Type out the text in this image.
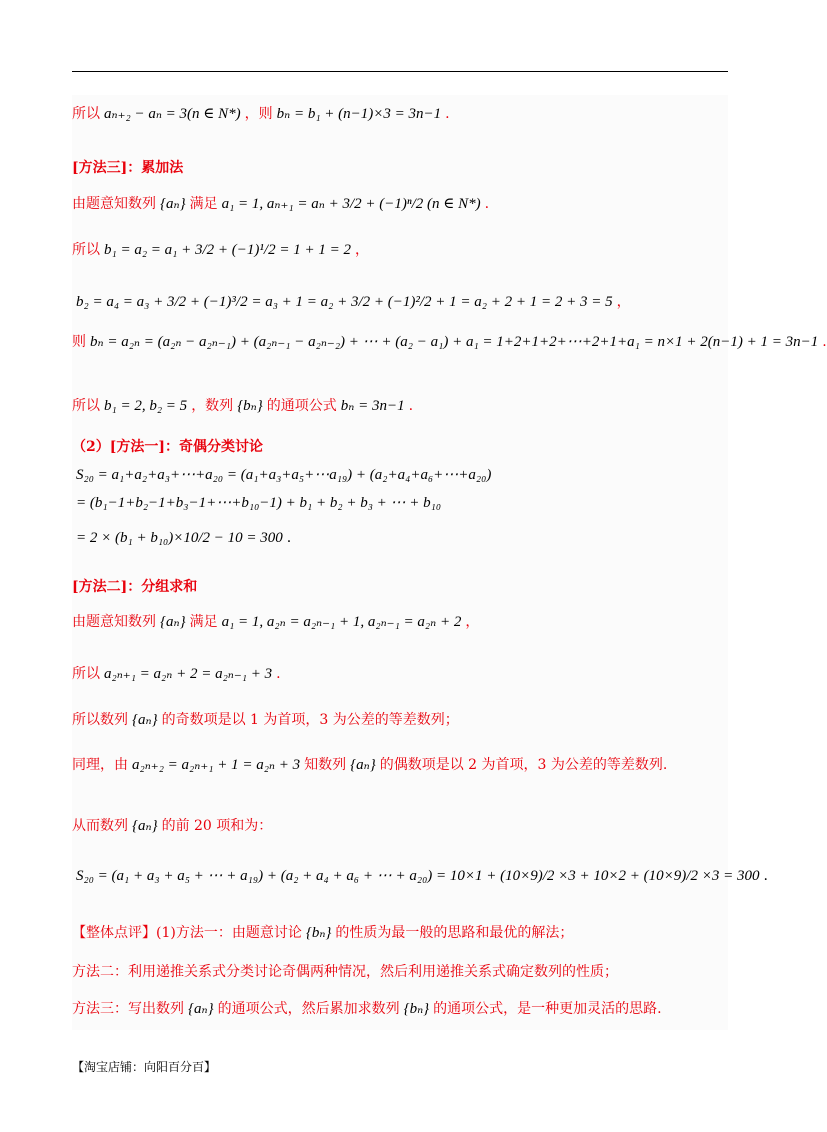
所以 aₙ₊₂ − aₙ = 3(n ∈ N*) ，则 bₙ = b₁ + (n−1)×3 = 3n−1 .
[方法三]：累加法
由题意知数列 {aₙ} 满足 a₁ = 1, aₙ₊₁ = aₙ + 3/2 + (−1)ⁿ/2 (n ∈ N*) .
所以 b₁ = a₂ = a₁ + 3/2 + (−1)¹/2 = 1 + 1 = 2 ，
b₂ = a₄ = a₃ + 3/2 + (−1)³/2 = a₃ + 1 = a₂ + 3/2 + (−1)²/2 + 1 = a₂ + 2 + 1 = 2 + 3 = 5 ，
则 bₙ = a₂ₙ = (a₂ₙ − a₂ₙ₋₁) + (a₂ₙ₋₁ − a₂ₙ₋₂) + ⋯ + (a₂ − a₁) + a₁ = 1+2+1+2+⋯+2+1+a₁ = n×1 + 2(n−1) + 1 = 3n−1 .
所以 b₁ = 2, b₂ = 5 ，数列 {bₙ} 的通项公式 bₙ = 3n−1 .
（2）[方法一]：奇偶分类讨论
S₂₀ = a₁+a₂+a₃+⋯+a₂₀ = (a₁+a₃+a₅+⋯a₁₉) + (a₂+a₄+a₆+⋯+a₂₀)
= (b₁−1+b₂−1+b₃−1+⋯+b₁₀−1) + b₁ + b₂ + b₃ + ⋯ + b₁₀
= 2 × (b₁ + b₁₀)×10/2 − 10 = 300 .
[方法二]：分组求和
由题意知数列 {aₙ} 满足 a₁ = 1, a₂ₙ = a₂ₙ₋₁ + 1, a₂ₙ₋₁ = a₂ₙ + 2 ，
所以 a₂ₙ₊₁ = a₂ₙ + 2 = a₂ₙ₋₁ + 3 .
所以数列 {aₙ} 的奇数项是以 1 为首项，3 为公差的等差数列；
同理，由 a₂ₙ₊₂ = a₂ₙ₊₁ + 1 = a₂ₙ + 3 知数列 {aₙ} 的偶数项是以 2 为首项，3 为公差的等差数列.
从而数列 {aₙ} 的前 20 项和为：
S₂₀ = (a₁ + a₃ + a₅ + ⋯ + a₁₉) + (a₂ + a₄ + a₆ + ⋯ + a₂₀) = 10×1 + (10×9)/2 ×3 + 10×2 + (10×9)/2 ×3 = 300 .
【整体点评】(1)方法一：由题意讨论 {bₙ} 的性质为最一般的思路和最优的解法；
方法二：利用递推关系式分类讨论奇偶两种情况，然后利用递推关系式确定数列的性质；
方法三：写出数列 {aₙ} 的通项公式，然后累加求数列 {bₙ} 的通项公式，是一种更加灵活的思路.
【淘宝店铺：向阳百分百】
